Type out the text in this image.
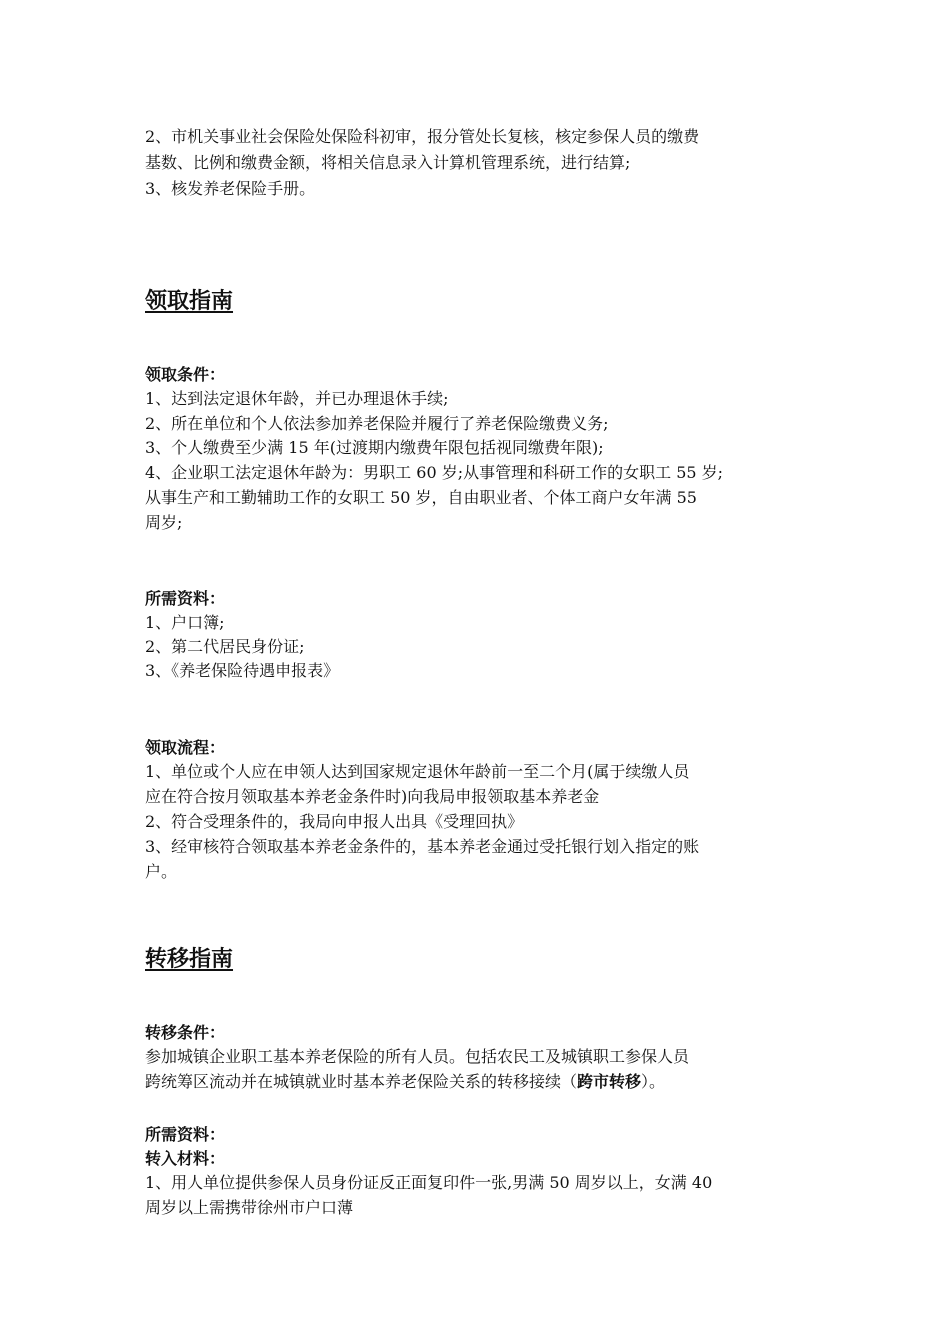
2、市机关事业社会保险处保险科初审，报分管处长复核，核定参保人员的缴费
基数、比例和缴费金额，将相关信息录入计算机管理系统，进行结算;
3、核发养老保险手册。
领取指南
领取条件：
1、达到法定退休年龄，并已办理退休手续;
2、所在单位和个人依法参加养老保险并履行了养老保险缴费义务;
3、个人缴费至少满 15 年(过渡期内缴费年限包括视同缴费年限);
4、企业职工法定退休年龄为：男职工 60 岁;从事管理和科研工作的女职工 55 岁;
从事生产和工勤辅助工作的女职工 50 岁，自由职业者、个体工商户女年满 55
周岁;
所需资料：
1、户口簿;
2、第二代居民身份证;
3、《养老保险待遇申报表》
领取流程：
1、单位或个人应在申领人达到国家规定退休年龄前一至二个月(属于续缴人员
应在符合按月领取基本养老金条件时)向我局申报领取基本养老金
2、符合受理条件的，我局向申报人出具《受理回执》
3、经审核符合领取基本养老金条件的，基本养老金通过受托银行划入指定的账
户。
转移指南
转移条件：
参加城镇企业职工基本养老保险的所有人员。包括农民工及城镇职工参保人员
跨统筹区流动并在城镇就业时基本养老保险关系的转移接续（跨市转移）。
所需资料：
转入材料：
1、用人单位提供参保人员身份证反正面复印件一张,男满 50 周岁以上，女满 40
周岁以上需携带徐州市户口薄
